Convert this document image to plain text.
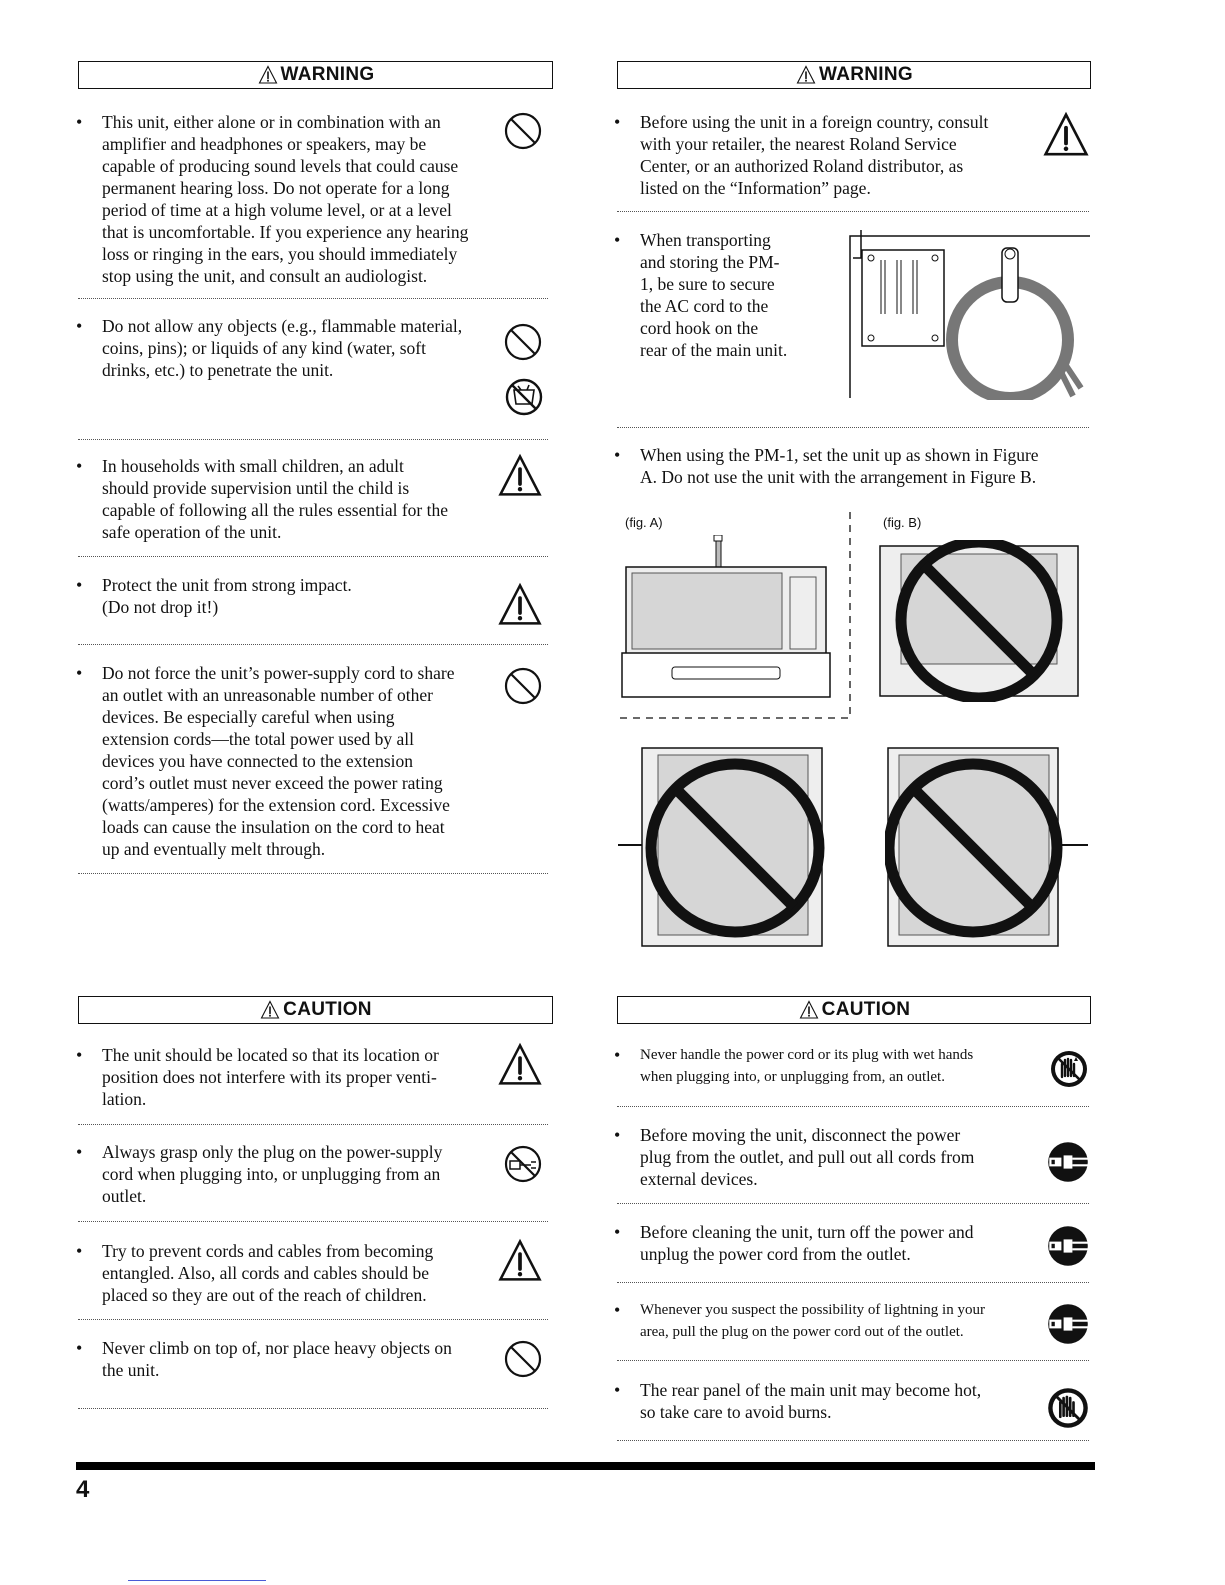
WARNING
• This unit, either alone or in combination with an
amplifier and headphones or speakers, may be
capable of producing sound levels that could cause
permanent hearing loss. Do not operate for a long
period of time at a high volume level, or at a level
that is uncomfortable. If you experience any hearing
loss or ringing in the ears, you should immediately
stop using the unit, and consult an audiologist.
• Do not allow any objects (e.g., flammable material,
coins, pins); or liquids of any kind (water, soft
drinks, etc.) to penetrate the unit.
• In households with small children, an adult
should provide supervision until the child is
capable of following all the rules essential for the
safe operation of the unit.
• Protect the unit from strong impact.
(Do not drop it!)
• Do not force the unit’s power-supply cord to share
an outlet with an unreasonable number of other
devices. Be especially careful when using
extension cords—the total power used by all
devices you have connected to the extension
cord’s outlet must never exceed the power rating
(watts/amperes) for the extension cord. Excessive
loads can cause the insulation on the cord to heat
up and eventually melt through.
WARNING
• Before using the unit in a foreign country, consult
with your retailer, the nearest Roland Service
Center, or an authorized Roland distributor, as
listed on the “Information” page.
• When transporting
and storing the PM-
1, be sure to secure
the AC cord to the
cord hook on the
rear of the main unit.
• When using the PM-1, set the unit up as shown in Figure
A. Do not use the unit with the arrangement in Figure B.
(fig. A)	(fig. B)
CAUTION
• The unit should be located so that its location or
position does not interfere with its proper venti-
lation.
• Always grasp only the plug on the power-supply
cord when plugging into, or unplugging from an
outlet.
• Try to prevent cords and cables from becoming
entangled. Also, all cords and cables should be
placed so they are out of the reach of children.
• Never climb on top of, nor place heavy objects on
the unit.
CAUTION
• Never handle the power cord or its plug with wet hands
when plugging into, or unplugging from, an outlet.
• Before moving the unit, disconnect the power
plug from the outlet, and pull out all cords from
external devices.
• Before cleaning the unit, turn off the power and
unplug the power cord from the outlet.
• Whenever you suspect the possibility of lightning in your
area, pull the plug on the power cord out of the outlet.
• The rear panel of the main unit may become hot,
so take care to avoid burns.
4
